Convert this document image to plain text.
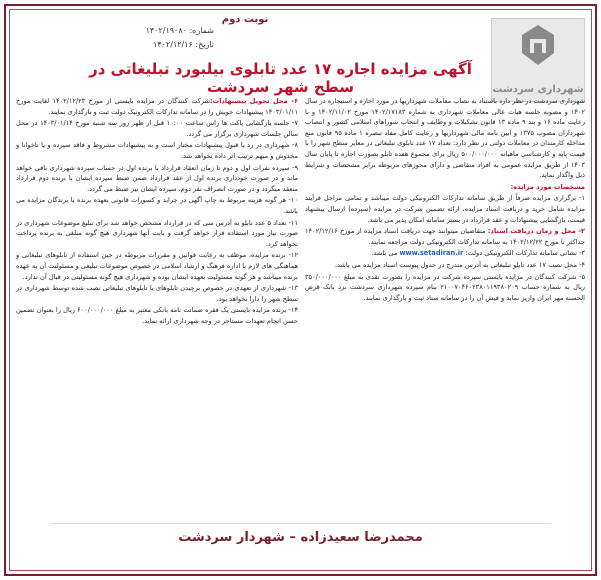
نوبت دوم
شماره: ۱۴۰۲/۱۹۰۸۰
تاریخ: ۱۴۰۲/۱۲/۱۶
شهرداری سردشت
آگهی مزایده اجاره ۱۷ عدد تابلوی بیلبورد تبلیغاتی در سطح شهر سردشت

شهرداری سردشت در نظر دارد باستناد به نصاب معاملات شهرداریها در مورد اجاره و استیجاره در سال ۱۴۰۲ و مصوبه جلسه هیات عالی معاملات شهرداری به شماره ۱۴۰۲/۱۷۱۸۳ مورخ ۱۴۰۲/۱۱/۰۲ و با رعایت ماده ۱۶ و بند ۹ ماده ۱۳ قانون تشکیلات و وظایف و انتخاب شوراهای اسلامی کشور و انتصاب شهرداران مصوب ۱۳۷۵ و آیین نامه مالی شهرداریها و رعایت کامل مفاد تبصره ۱ ماده ۹۵ قانون منع مداخله کارمندان در معاملات دولتی در نظر دارد: تعداد ۱۷ عدد تابلوی تبلیغاتی در معابر سطح شهر را با قیمت پایه و کارشناسی ماهیانه ۵۰۰/۰۰۰/۰۰۰ ریال برای مجموع هفده تابلو بصورت اجاره تا پایان سال ۱۴۰۳ از طریق مزایده عمومی به افراد متقاضی و دارای مجوزهای مربوطه برابر مشخصات و شرایط ذیل واگذار نماید.

مشخصات مورد مزایده:

۱- برگزاری مزایده صرفاً از طریق سامانه تدارکات الکترونیکی دولت میباشد و تمامی مراحل فرآیند مزایده شامل خرید و دریافت اسناد مزایده، ارائه تضمین شرکت در مزایده (سپرده) ارسال پیشنهاد قیمت، بازگشایی پیشنهادات و عقد قرارداد در بستر سامانه امکان پذیر می باشد.

۲- محل و زمان دریافت اسناد: متقاضیان میتوانند جهت دریافت اسناد مزایده از مورخ ۱۴۰۲/۱۲/۱۶ حداکثر تا مورخ ۱۴۰۲/۱۲/۲۲ به سامانه تدارکات الکترونیکی دولت مراجعه نمایند.

۳- نشانی سامانه تدارکات الکترونیکی دولت: www.setadiran.ir می باشد.

۴- محل نصب ۱۷ عدد تابلو تبلیغاتی به آدرس مندرج در جدول پیوست اسناد مزایده می باشد.

۵- شرکت کنندگان در مزایده بایستی سپرده شرکت در مزایده را بصورت نقدی به مبلغ ۳۵۰/۰۰۰/۰۰۰ ریال به شماره حساب ۲۱۰۰۷۰۴۶۰۲۳۸۰۱۱۹۳۸۰۲۰۹ بنام سپرده شهرداری سردشت نزد بانک قرض الحسنه مهر ایران واریز نماید و فیش آن را در سامانه ستاد ثبت و بارگذاری نمایند.

۶- محل تحویل پیشنهادات:شرکت کنندگان در مزایده بایستی از مورخ ۱۴۰۲/۱۲/۲۳ لغایت مورخ ۱۴۰۳/۰۱/۱۱ پیشنهادات خویش را در سامانه تدارکات الکترونیک دولت ثبت و بارگذاری نمایند.

۷- جلسه بازگشایی پاکت ها راس ساعت ۱۰:۰۰ قبل از ظهر روز سه شنبه مورخ ۱۴۰۳/۰۱/۱۴ در محل سالن جلسات شهرداری برگزار می گردد.

۸- شهرداری در رد یا قبول پیشنهادات مختار است و به پیشنهادات مشروط و فاقد سپرده و یا ناخوانا و مخدوش و مبهم ترتیب اثر داده نخواهد شد.

۹- سپرده نفرات اول و دوم تا زمان انعقاد قرارداد با برنده اول در حساب سپرده شهرداری باقی خواهد ماند و در صورت خودداری برنده اول از عقد قرارداد ضمن ضبط سپرده ایشان با برنده دوم قرارداد منعقد میگردد و در صورت انصراف نفر دوم، سپرده ایشان نیز ضبط می گردد.

۱۰- هر گونه هزینه مربوط به چاپ آگهی در جراید و کسورات قانونی بعهده برنده یا برندگان مزایده می باشد.

۱۱- تعداد ۵ عدد تابلو به آدرس سی که در قرارداد مشخص خواهد شد برای تبلیغ موضوعات شهرداری در صورت نیاز مورد استفاده قرار خواهد گرفت و بابت آنها شهرداری هیچ گونه مبلغی به برنده پرداخت نخواهد کرد.

۱۲- برنده مزایده، موظف به رعایت قوانین و مقررات مربوطه در حین استفاده از تابلوهای تبلیغاتی و هماهنگی های لازم با اداره فرهنگ و ارشاد اسلامی در خصوص موضوعات تبلیغی و مسئولیت آن به عهده برنده میباشد و هر گونه مسئولیت بعهده ایشان بوده و شهرداری هیچ گونه مسئولیتی در قبال آن ندارد.

۱۳- شهرداری از تعهدی در خصوص برچیدن تابلوهای یا تابلوهای تبلیغاتی نصب شده توسط شهرداری در سطح شهر را دارا نخواهد بود.

۱۴- برنده مزایده بایستی یک فقره ضمانت نامه بانکی معتبر به مبلغ ۶۰۰/۰۰۰/۰۰۰ ریال را بعنوان تضمین حسن انجام تعهدات مستاجر در وجه شهرداری ارائه نماید.

محمدرضا سعیدزاده – شهردار سردشت
